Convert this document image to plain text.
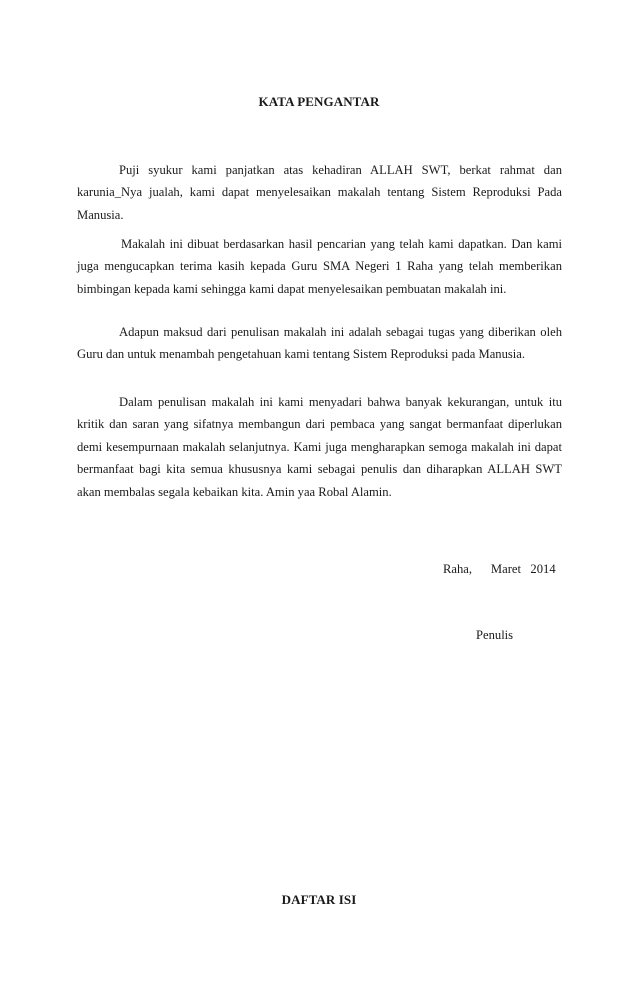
KATA PENGANTAR

Puji syukur kami panjatkan atas kehadiran ALLAH SWT, berkat rahmat dan karunia_Nya jualah, kami dapat menyelesaikan makalah tentang Sistem Reproduksi Pada Manusia.

Makalah ini dibuat berdasarkan hasil pencarian yang telah kami dapatkan. Dan kami juga mengucapkan terima kasih kepada Guru SMA Negeri 1 Raha yang telah memberikan bimbingan kepada kami sehingga kami dapat menyelesaikan pembuatan makalah ini.

Adapun maksud dari penulisan makalah ini adalah sebagai tugas yang diberikan oleh Guru dan untuk menambah pengetahuan kami tentang Sistem Reproduksi pada Manusia.

Dalam penulisan makalah ini kami menyadari bahwa banyak kekurangan, untuk itu kritik dan saran yang sifatnya membangun dari pembaca yang sangat bermanfaat diperlukan demi kesempurnaan makalah selanjutnya. Kami juga mengharapkan semoga makalah ini dapat bermanfaat bagi kita semua khususnya kami sebagai penulis dan diharapkan ALLAH SWT akan membalas segala kebaikan kita. Amin yaa Robal Alamin.

Raha,      Maret   2014
Penulis
DAFTAR ISI
